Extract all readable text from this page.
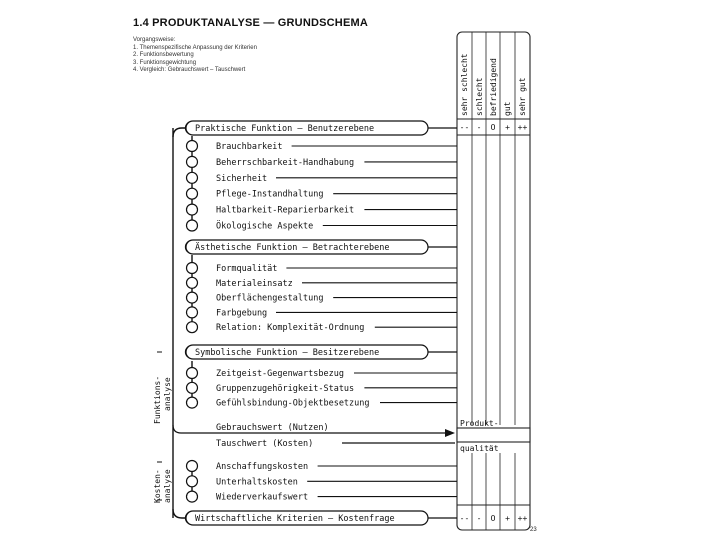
1.4 PRODUKTANALYSE — GRUNDSCHEMA
Vorgangsweise:
1. Themenspezifische Anpassung der Kriterien
2. Funktionsbewertung
3. Funktionsgewichtung
4. Vergleich: Gebrauchswert – Tauschwert	sehr schlecht schlecht befriedigend gut sehr gut
-- - O + ++
-- - O + ++
Produkt-
qualität
Praktische Funktion – Benutzerebene
Brauchbarkeit
Beherrschbarkeit-Handhabung
Sicherheit
Pflege-Instandhaltung
Haltbarkeit-Reparierbarkeit
Ökologische Aspekte
Ästhetische Funktion – Betrachterebene
Formqualität
Materialeinsatz
Oberflächengestaltung
Farbgebung
Relation: Komplexität-Ordnung
Symbolische Funktion – Besitzerebene
Zeitgeist-Gegenwartsbezug
Gruppenzugehörigkeit-Status
Gefühlsbindung-Objektbesetzung
Anschaffungskosten
Unterhaltskosten
Wiederverkaufswert
Wirtschaftliche Kriterien – Kostenfrage
Gebrauchswert (Nutzen)
Tauschwert (Kosten)
Funktions- analyse
Kosten- analyse
23
